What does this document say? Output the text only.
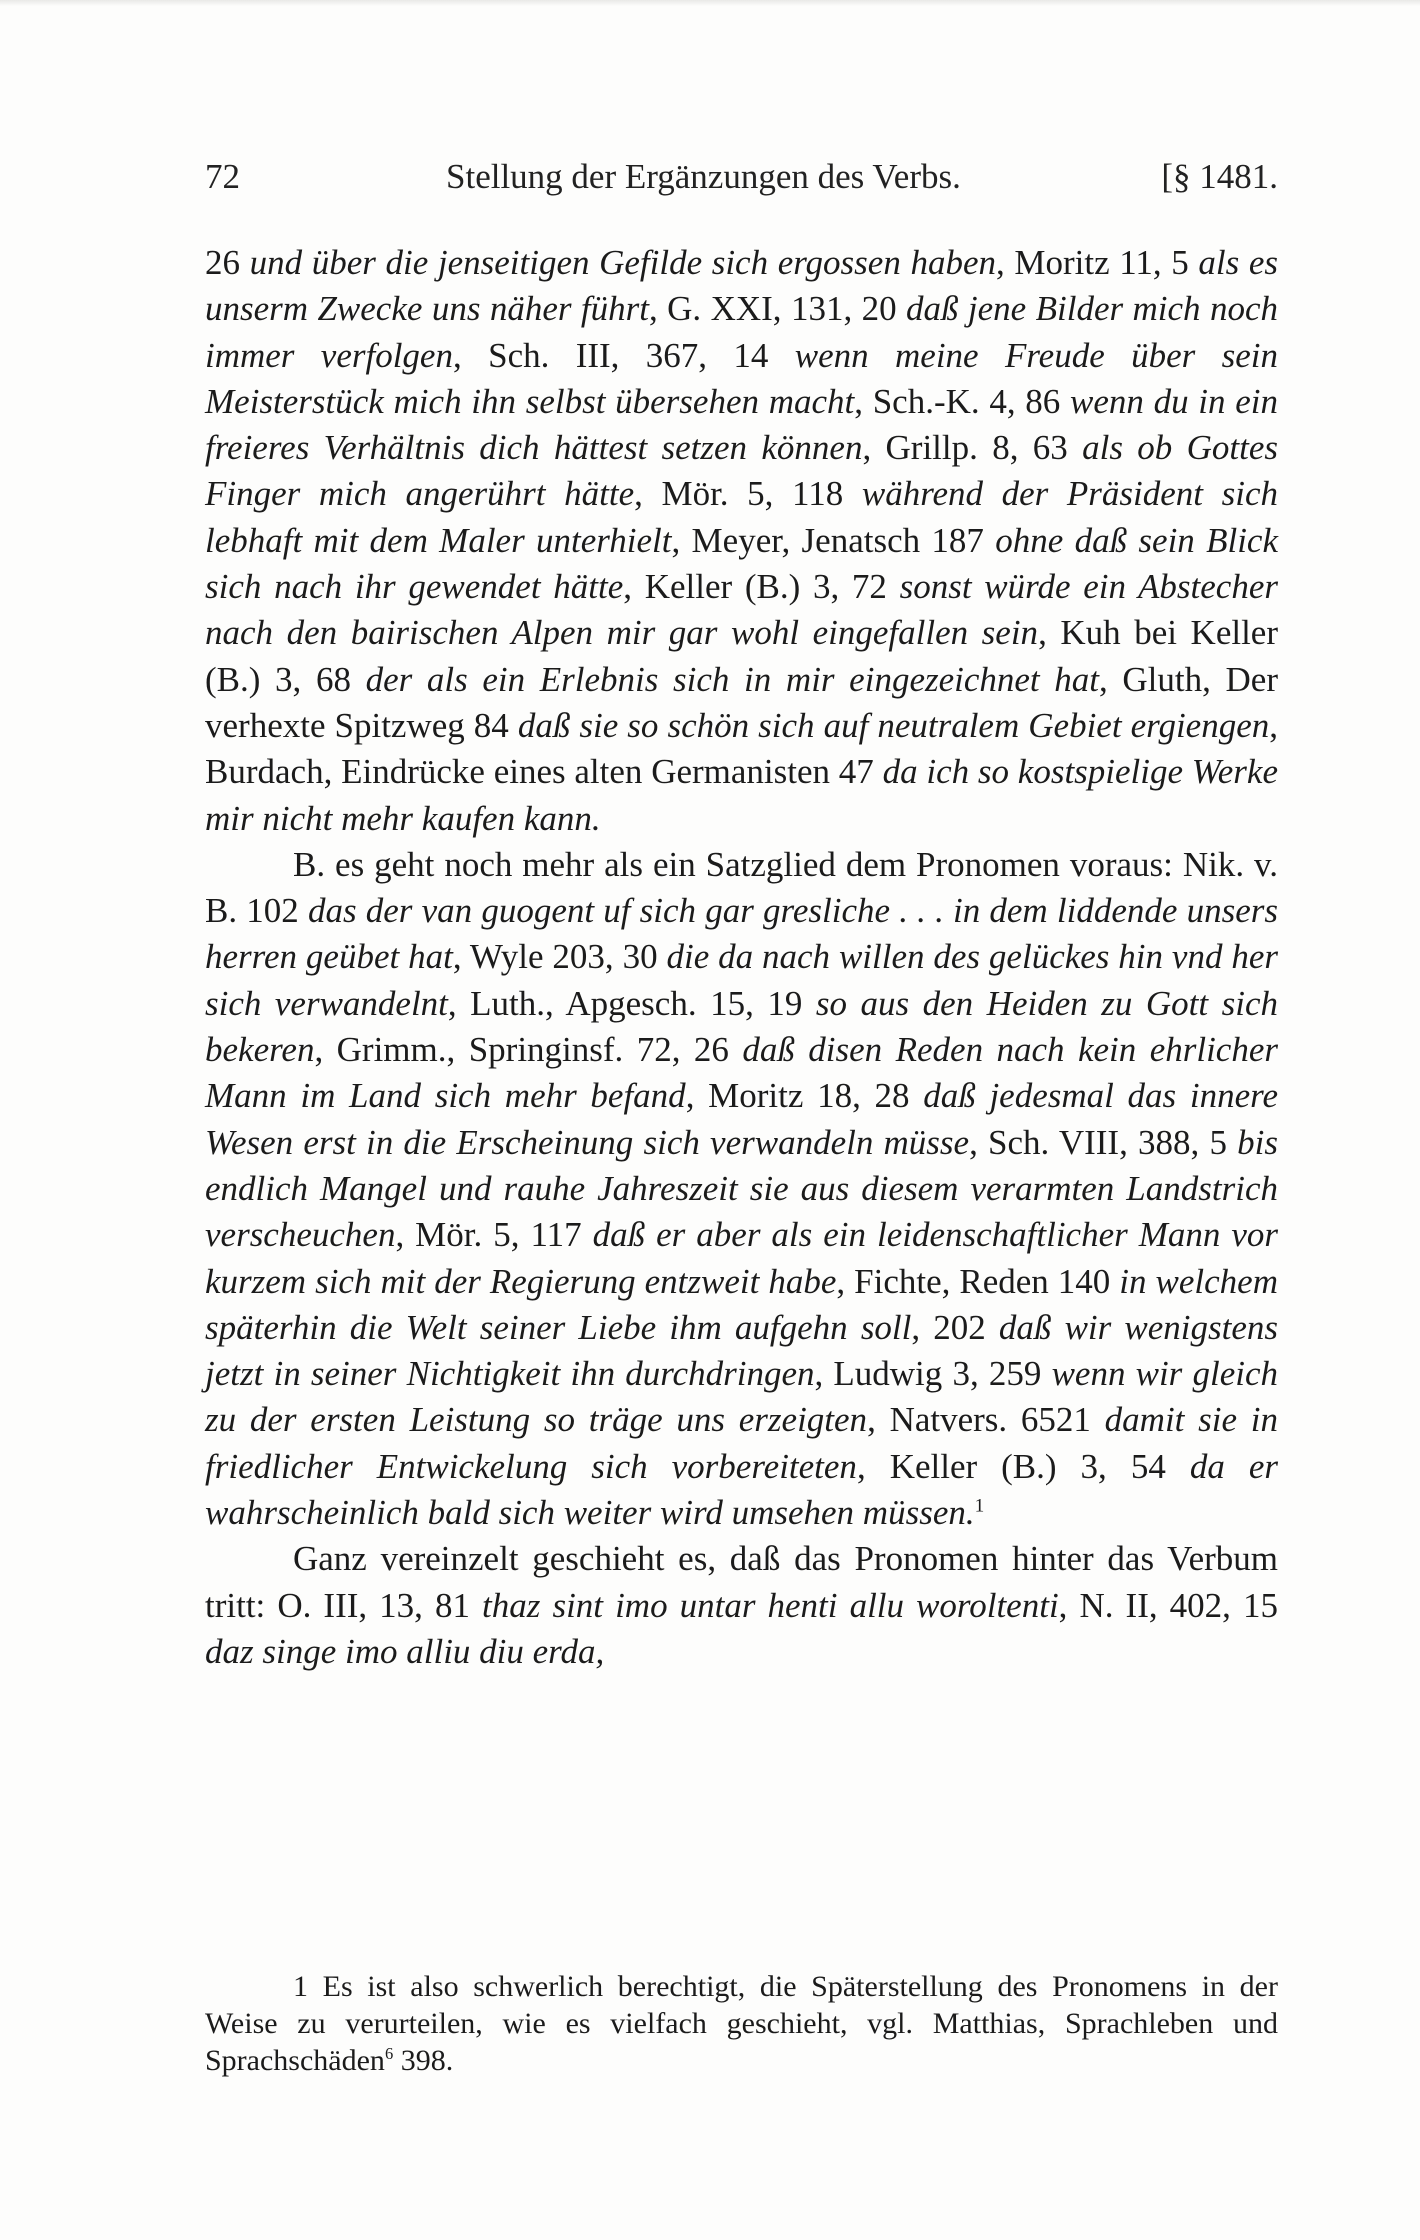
72	Stellung der Ergänzungen des Verbs.	[§ 1481.

26 und über die jenseitigen Gefilde sich ergossen haben, Moritz 11, 5 als es unserm Zwecke uns näher führt, G. XXI, 131, 20 daß jene Bilder mich noch immer verfolgen, Sch. III, 367, 14 wenn meine Freude über sein Meisterstück mich ihn selbst übersehen macht, Sch.-K. 4, 86 wenn du in ein freieres Verhältnis dich hättest setzen können, Grillp. 8, 63 als ob Gottes Finger mich angerührt hätte, Mör. 5, 118 während der Präsident sich lebhaft mit dem Maler unterhielt, Meyer, Jenatsch 187 ohne daß sein Blick sich nach ihr gewendet hätte, Keller (B.) 3, 72 sonst würde ein Abstecher nach den bairischen Alpen mir gar wohl eingefallen sein, Kuh bei Keller (B.) 3, 68 der als ein Erlebnis sich in mir eingezeichnet hat, Gluth, Der verhexte Spitzweg 84 daß sie so schön sich auf neutralem Gebiet ergiengen, Burdach, Eindrücke eines alten Germanisten 47 da ich so kostspielige Werke mir nicht mehr kaufen kann.

B. es geht noch mehr als ein Satzglied dem Pronomen voraus: Nik. v. B. 102 das der van guogent uf sich gar gresliche . . . in dem liddende unsers herren geübet hat, Wyle 203, 30 die da nach willen des gelückes hin vnd her sich verwandelnt, Luth., Apgesch. 15, 19 so aus den Heiden zu Gott sich bekeren, Grimm., Springinsf. 72, 26 daß disen Reden nach kein ehrlicher Mann im Land sich mehr befand, Moritz 18, 28 daß jedesmal das innere Wesen erst in die Erscheinung sich verwandeln müsse, Sch. VIII, 388, 5 bis endlich Mangel und rauhe Jahreszeit sie aus diesem verarmten Landstrich verscheuchen, Mör. 5, 117 daß er aber als ein leidenschaftlicher Mann vor kurzem sich mit der Regierung entzweit habe, Fichte, Reden 140 in welchem späterhin die Welt seiner Liebe ihm aufgehn soll, 202 daß wir wenigstens jetzt in seiner Nichtigkeit ihn durchdringen, Ludwig 3, 259 wenn wir gleich zu der ersten Leistung so träge uns erzeigten, Natvers. 6521 damit sie in friedlicher Entwickelung sich vorbereiteten, Keller (B.) 3, 54 da er wahrscheinlich bald sich weiter wird umsehen müssen.$^1$

Ganz vereinzelt geschieht es, daß das Pronomen hinter das Verbum tritt: O. III, 13, 81 thaz sint imo untar henti allu woroltenti, N. II, 402, 15 daz singe imo alliu diu erda,

1 Es ist also schwerlich berechtigt, die Späterstellung des Pronomens in der Weise zu verurteilen, wie es vielfach geschieht, vgl. Matthias, Sprachleben und Sprachschäden$^6$ 398.
